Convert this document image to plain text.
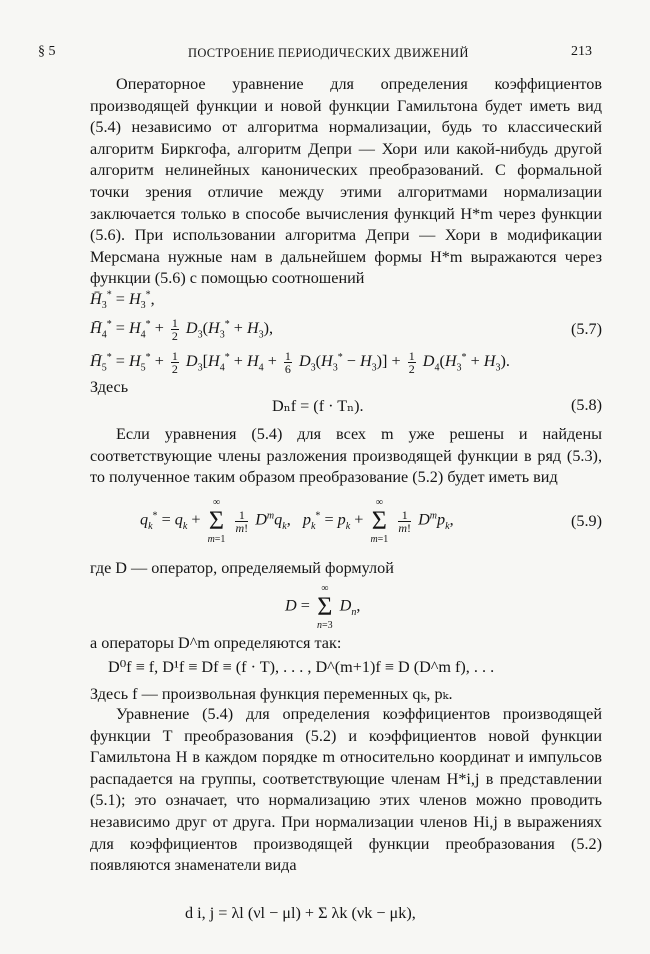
§ 5	ПОСТРОЕНИЕ ПЕРИОДИЧЕСКИХ ДВИЖЕНИЙ	213
Операторное уравнение для определения коэффициентов производящей функции и новой функции Гамильтона будет иметь вид (5.4) независимо от алгоритма нормализации, будь то классический алгоритм Биркгофа, алгоритм Депри — Хори или какой-нибудь другой алгоритм нелинейных канонических преобразований. С формальной точки зрения отличие между этими алгоритмами нормализации заключается только в способе вычисления функций H*m через функции (5.6). При использовании алгоритма Депри — Хори в модификации Мерсмана нужные нам в дальнейшем формы H*m выражаются через функции (5.6) с помощью соотношений
$H̄_3^* = H_3^*$,
$H̄_4^* = H_4^* + \frac{1}{2} D_3(H_3^* + H_3)$,	(5.7)
$H̄_5^* = H_5^* + \frac{1}{2} D_3[H_4^* + H_4 + \frac{1}{6} D_3(H_3^* - H_3)] + \frac{1}{2} D_4(H_3^* + H_3)$.
Здесь
Dₙf = (f · Tₙ).	(5.8)
Если уравнения (5.4) для всех m уже решены и найдены соответствующие члены разложения производящей функции в ряд (5.3), то полученное таким образом преобразование (5.2) будет иметь вид
$q_k^* = q_k$ + ∞
Σ
m=1
$\frac{1}{m!} D^mq_k$,   $p_k^* = p_k$ + ∞
Σ
m=1
$\frac{1}{m!} D^mp_k$,	(5.9)
где D — оператор, определяемый формулой
D = ∞
Σ
n=3 $D_n$,
а операторы D^m определяются так:
D⁰f ≡ f, D¹f ≡ Df ≡ (f · T), . . . , D^(m+1)f ≡ D (D^m f), . . .
Здесь f — произвольная функция переменных qₖ, pₖ.
Уравнение (5.4) для определения коэффициентов производящей функции T преобразования (5.2) и коэффициентов новой функции Гамильтона H в каждом порядке m относительно координат и импульсов распадается на группы, соответствующие членам H*i,j в представлении (5.1); это означает, что нормализацию этих членов можно проводить независимо друг от друга. При нормализации членов Hi,j в выражениях для коэффициентов производящей функции преобразования (5.2) появляются знаменатели вида
d i, j = λl (νl − μl) + Σ λk (νk − μk),
